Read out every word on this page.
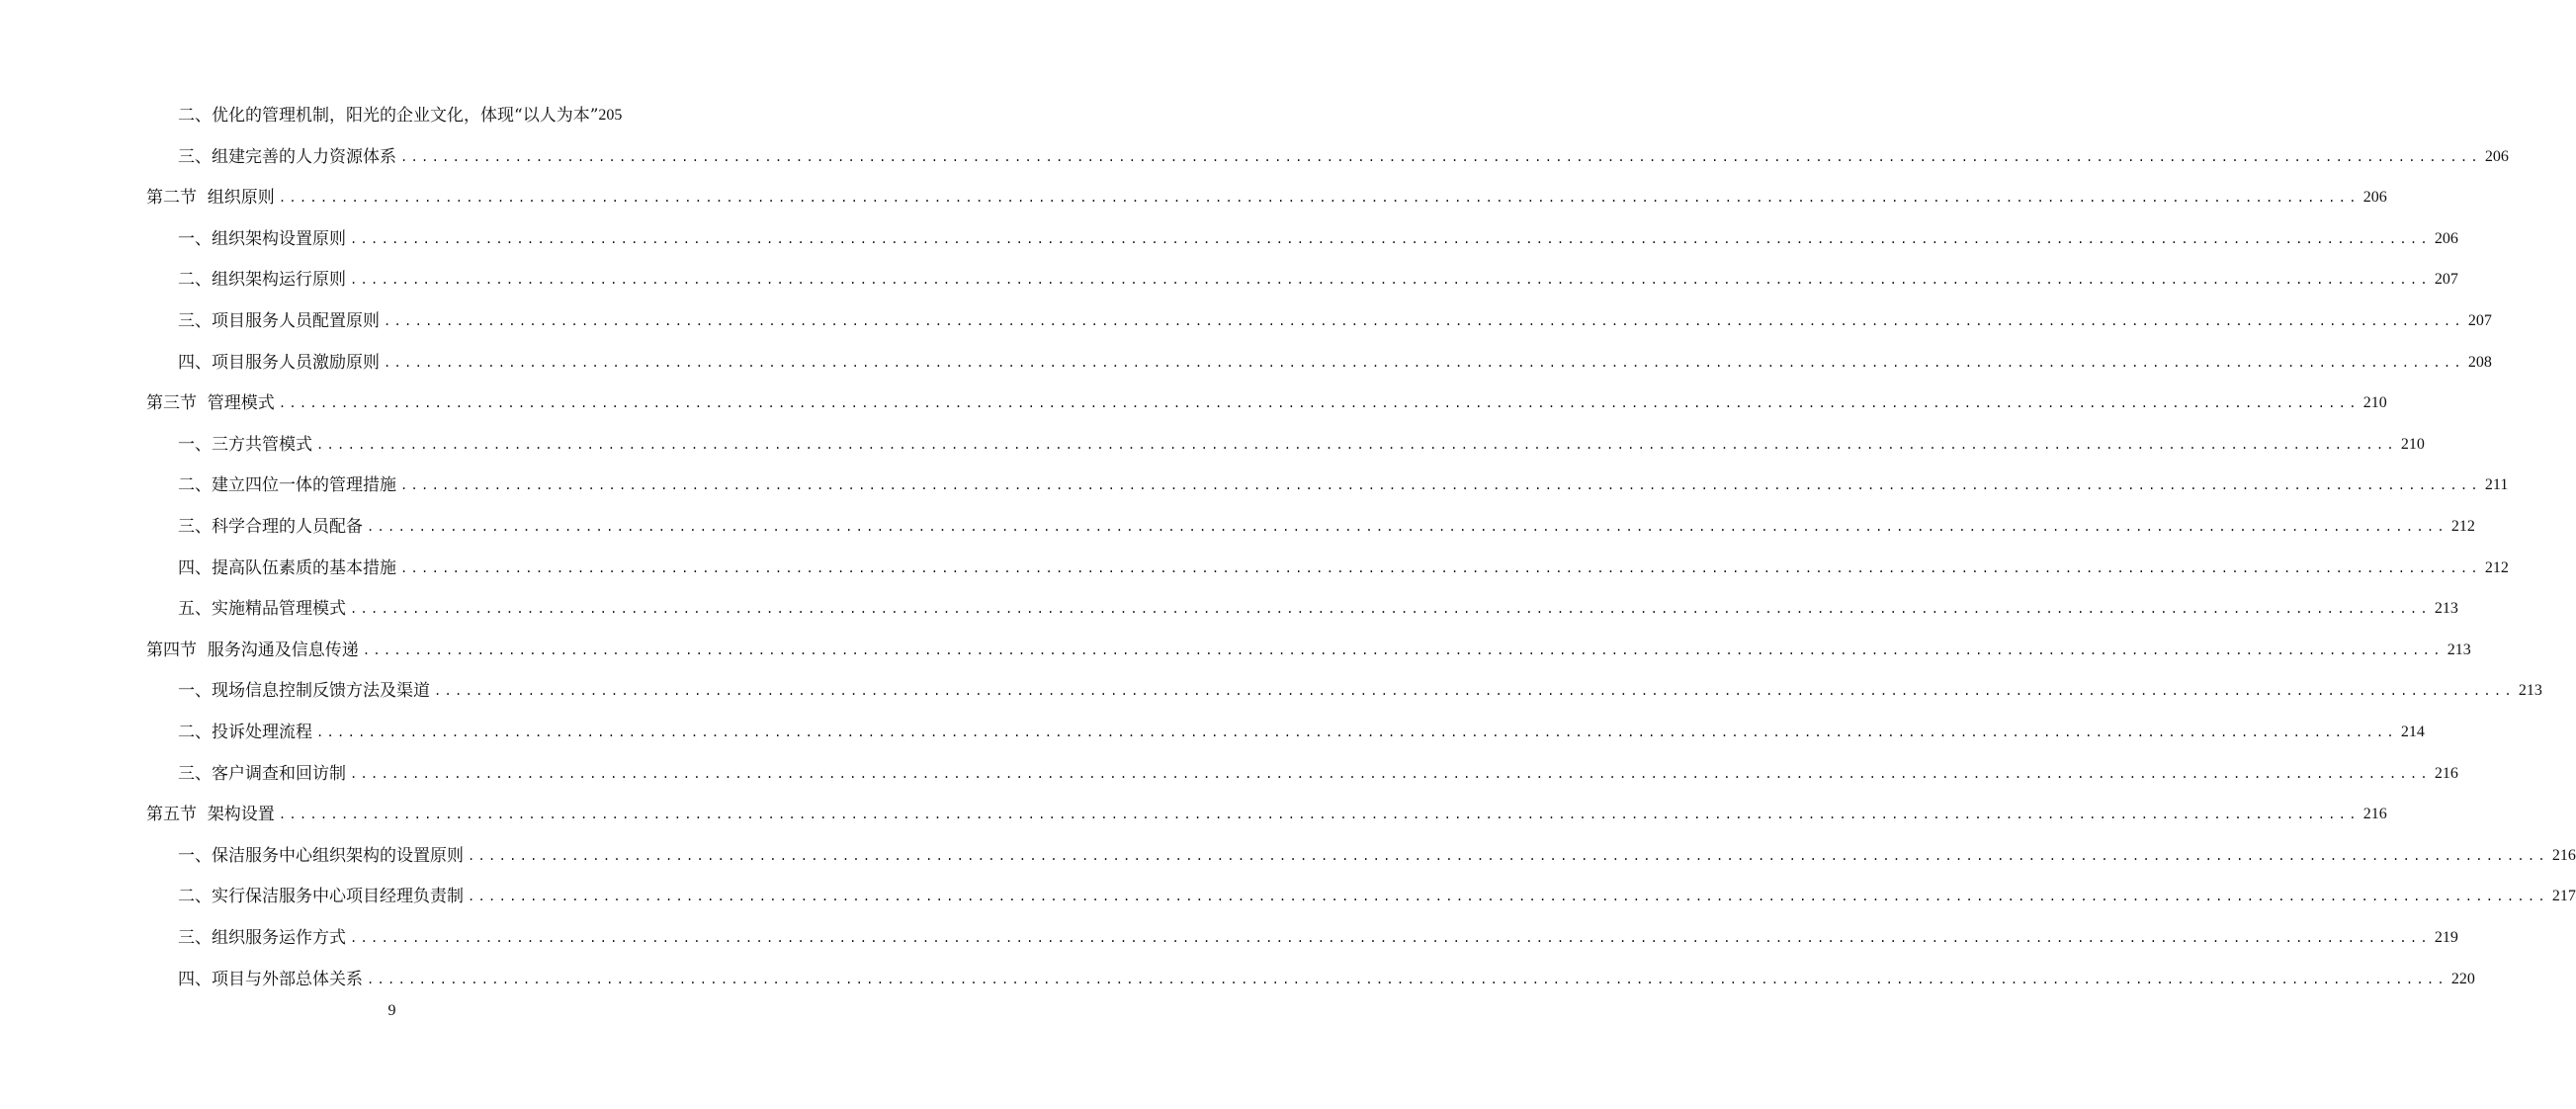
二、优化的管理机制，阳光的企业文化，体现“以人为本” 205
三、组建完善的人力资源体系 ........................................................................................................................................................................................................ 206
第二节  组织原则 ........................................................................................................................................................................................................ 206
一、组织架构设置原则 ........................................................................................................................................................................................................ 206
二、组织架构运行原则 ........................................................................................................................................................................................................ 207
三、项目服务人员配置原则 ........................................................................................................................................................................................................ 207
四、项目服务人员激励原则 ........................................................................................................................................................................................................ 208
第三节  管理模式 ........................................................................................................................................................................................................ 210
一、三方共管模式 ........................................................................................................................................................................................................ 210
二、建立四位一体的管理措施 ........................................................................................................................................................................................................ 211
三、科学合理的人员配备 ........................................................................................................................................................................................................ 212
四、提高队伍素质的基本措施 ........................................................................................................................................................................................................ 212
五、实施精品管理模式 ........................................................................................................................................................................................................ 213
第四节  服务沟通及信息传递 ........................................................................................................................................................................................................ 213
一、现场信息控制反馈方法及渠道 ........................................................................................................................................................................................................ 213
二、投诉处理流程 ........................................................................................................................................................................................................ 214
三、客户调查和回访制 ........................................................................................................................................................................................................ 216
第五节  架构设置 ........................................................................................................................................................................................................ 216
一、保洁服务中心组织架构的设置原则 ........................................................................................................................................................................................................ 216
二、实行保洁服务中心项目经理负责制 ........................................................................................................................................................................................................ 217
三、组织服务运作方式 ........................................................................................................................................................................................................ 219
四、项目与外部总体关系 ........................................................................................................................................................................................................ 220
9
